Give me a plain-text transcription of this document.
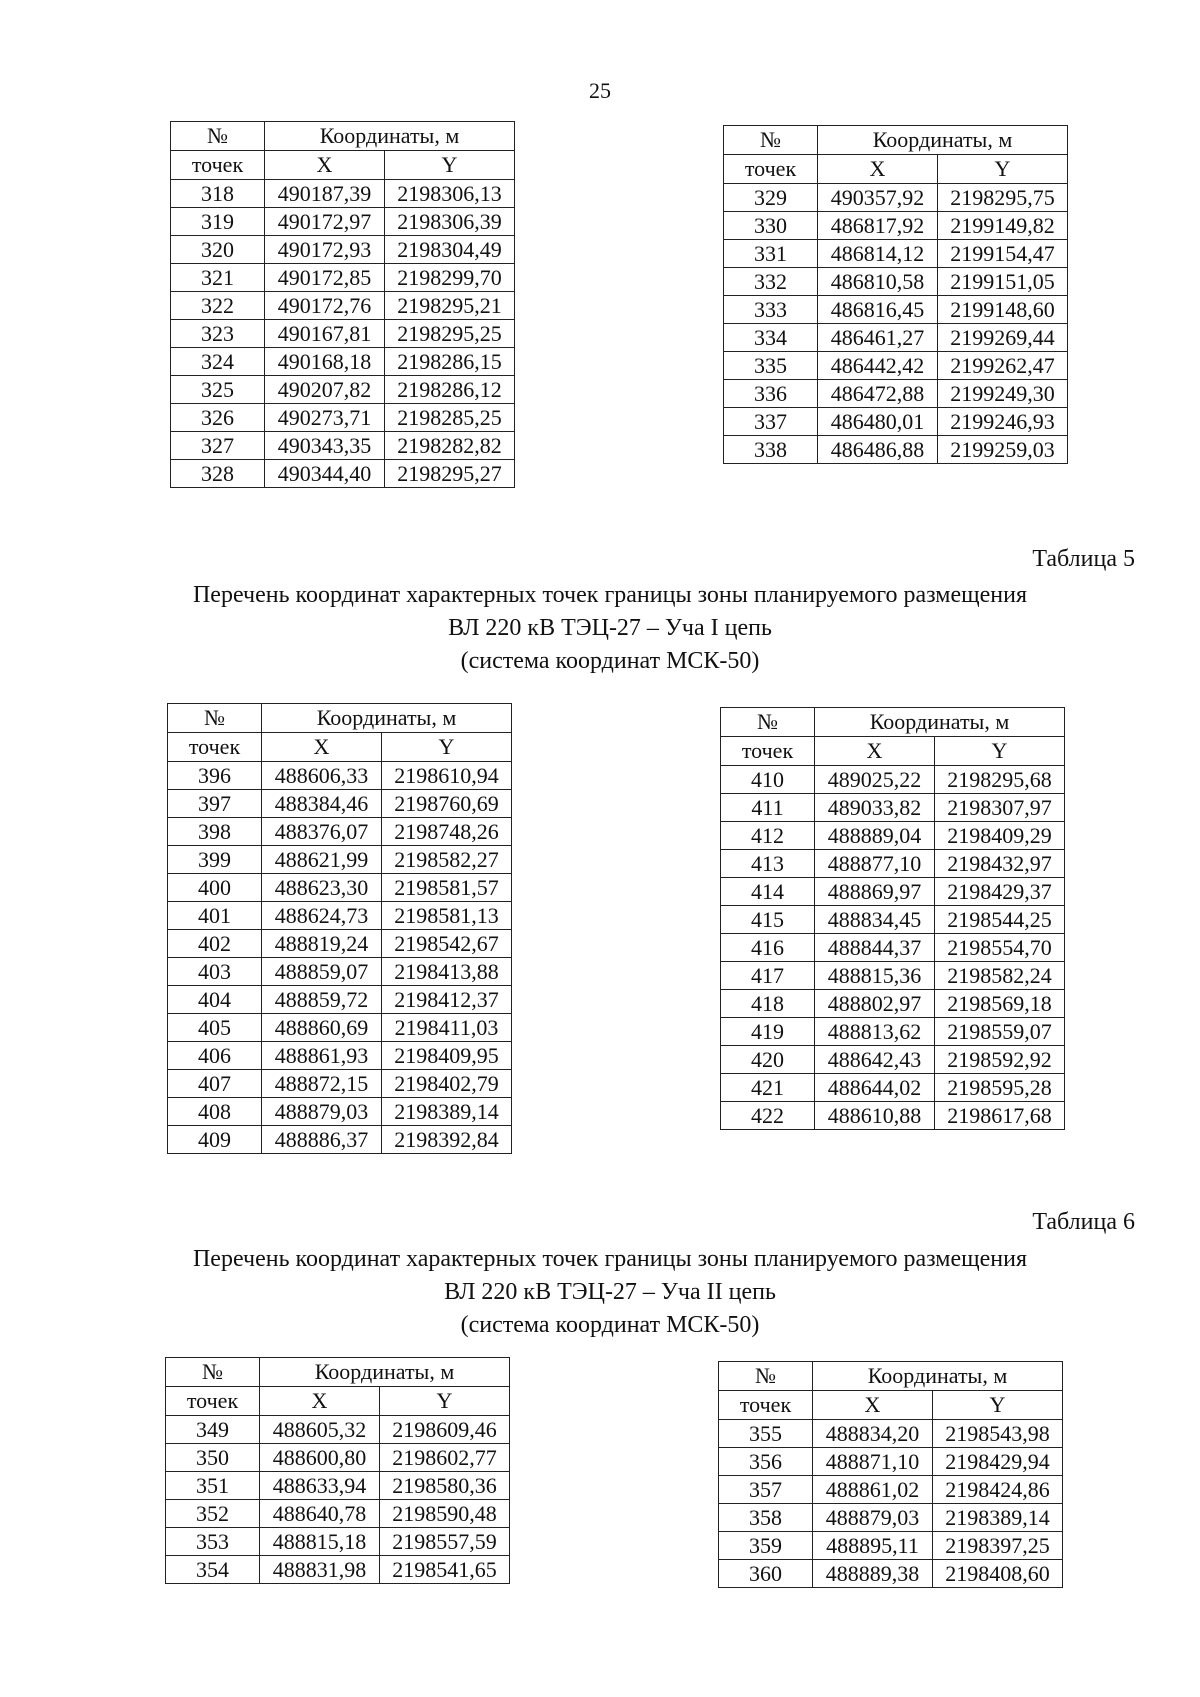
25
№	Координаты, м	
точек	X	Y
318	490187,39	2198306,13
319	490172,97	2198306,39
320	490172,93	2198304,49
321	490172,85	2198299,70
322	490172,76	2198295,21
323	490167,81	2198295,25
324	490168,18	2198286,15
325	490207,82	2198286,12
326	490273,71	2198285,25
327	490343,35	2198282,82
328	490344,40	2198295,27
№	Координаты, м	
точек	X	Y
329	490357,92	2198295,75
330	486817,92	2199149,82
331	486814,12	2199154,47
332	486810,58	2199151,05
333	486816,45	2199148,60
334	486461,27	2199269,44
335	486442,42	2199262,47
336	486472,88	2199249,30
337	486480,01	2199246,93
338	486486,88	2199259,03
Таблица 5
Перечень координат характерных точек границы зоны планируемого размещения
ВЛ 220 кВ ТЭЦ-27 – Уча I цепь
(система координат МСК-50)
№	Координаты, м	
точек	X	Y
396	488606,33	2198610,94
397	488384,46	2198760,69
398	488376,07	2198748,26
399	488621,99	2198582,27
400	488623,30	2198581,57
401	488624,73	2198581,13
402	488819,24	2198542,67
403	488859,07	2198413,88
404	488859,72	2198412,37
405	488860,69	2198411,03
406	488861,93	2198409,95
407	488872,15	2198402,79
408	488879,03	2198389,14
409	488886,37	2198392,84
№	Координаты, м	
точек	X	Y
410	489025,22	2198295,68
411	489033,82	2198307,97
412	488889,04	2198409,29
413	488877,10	2198432,97
414	488869,97	2198429,37
415	488834,45	2198544,25
416	488844,37	2198554,70
417	488815,36	2198582,24
418	488802,97	2198569,18
419	488813,62	2198559,07
420	488642,43	2198592,92
421	488644,02	2198595,28
422	488610,88	2198617,68
Таблица 6
Перечень координат характерных точек границы зоны планируемого размещения
ВЛ 220 кВ ТЭЦ-27 – Уча II цепь
(система координат МСК-50)
№	Координаты, м	
точек	X	Y
349	488605,32	2198609,46
350	488600,80	2198602,77
351	488633,94	2198580,36
352	488640,78	2198590,48
353	488815,18	2198557,59
354	488831,98	2198541,65
№	Координаты, м	
точек	X	Y
355	488834,20	2198543,98
356	488871,10	2198429,94
357	488861,02	2198424,86
358	488879,03	2198389,14
359	488895,11	2198397,25
360	488889,38	2198408,60
